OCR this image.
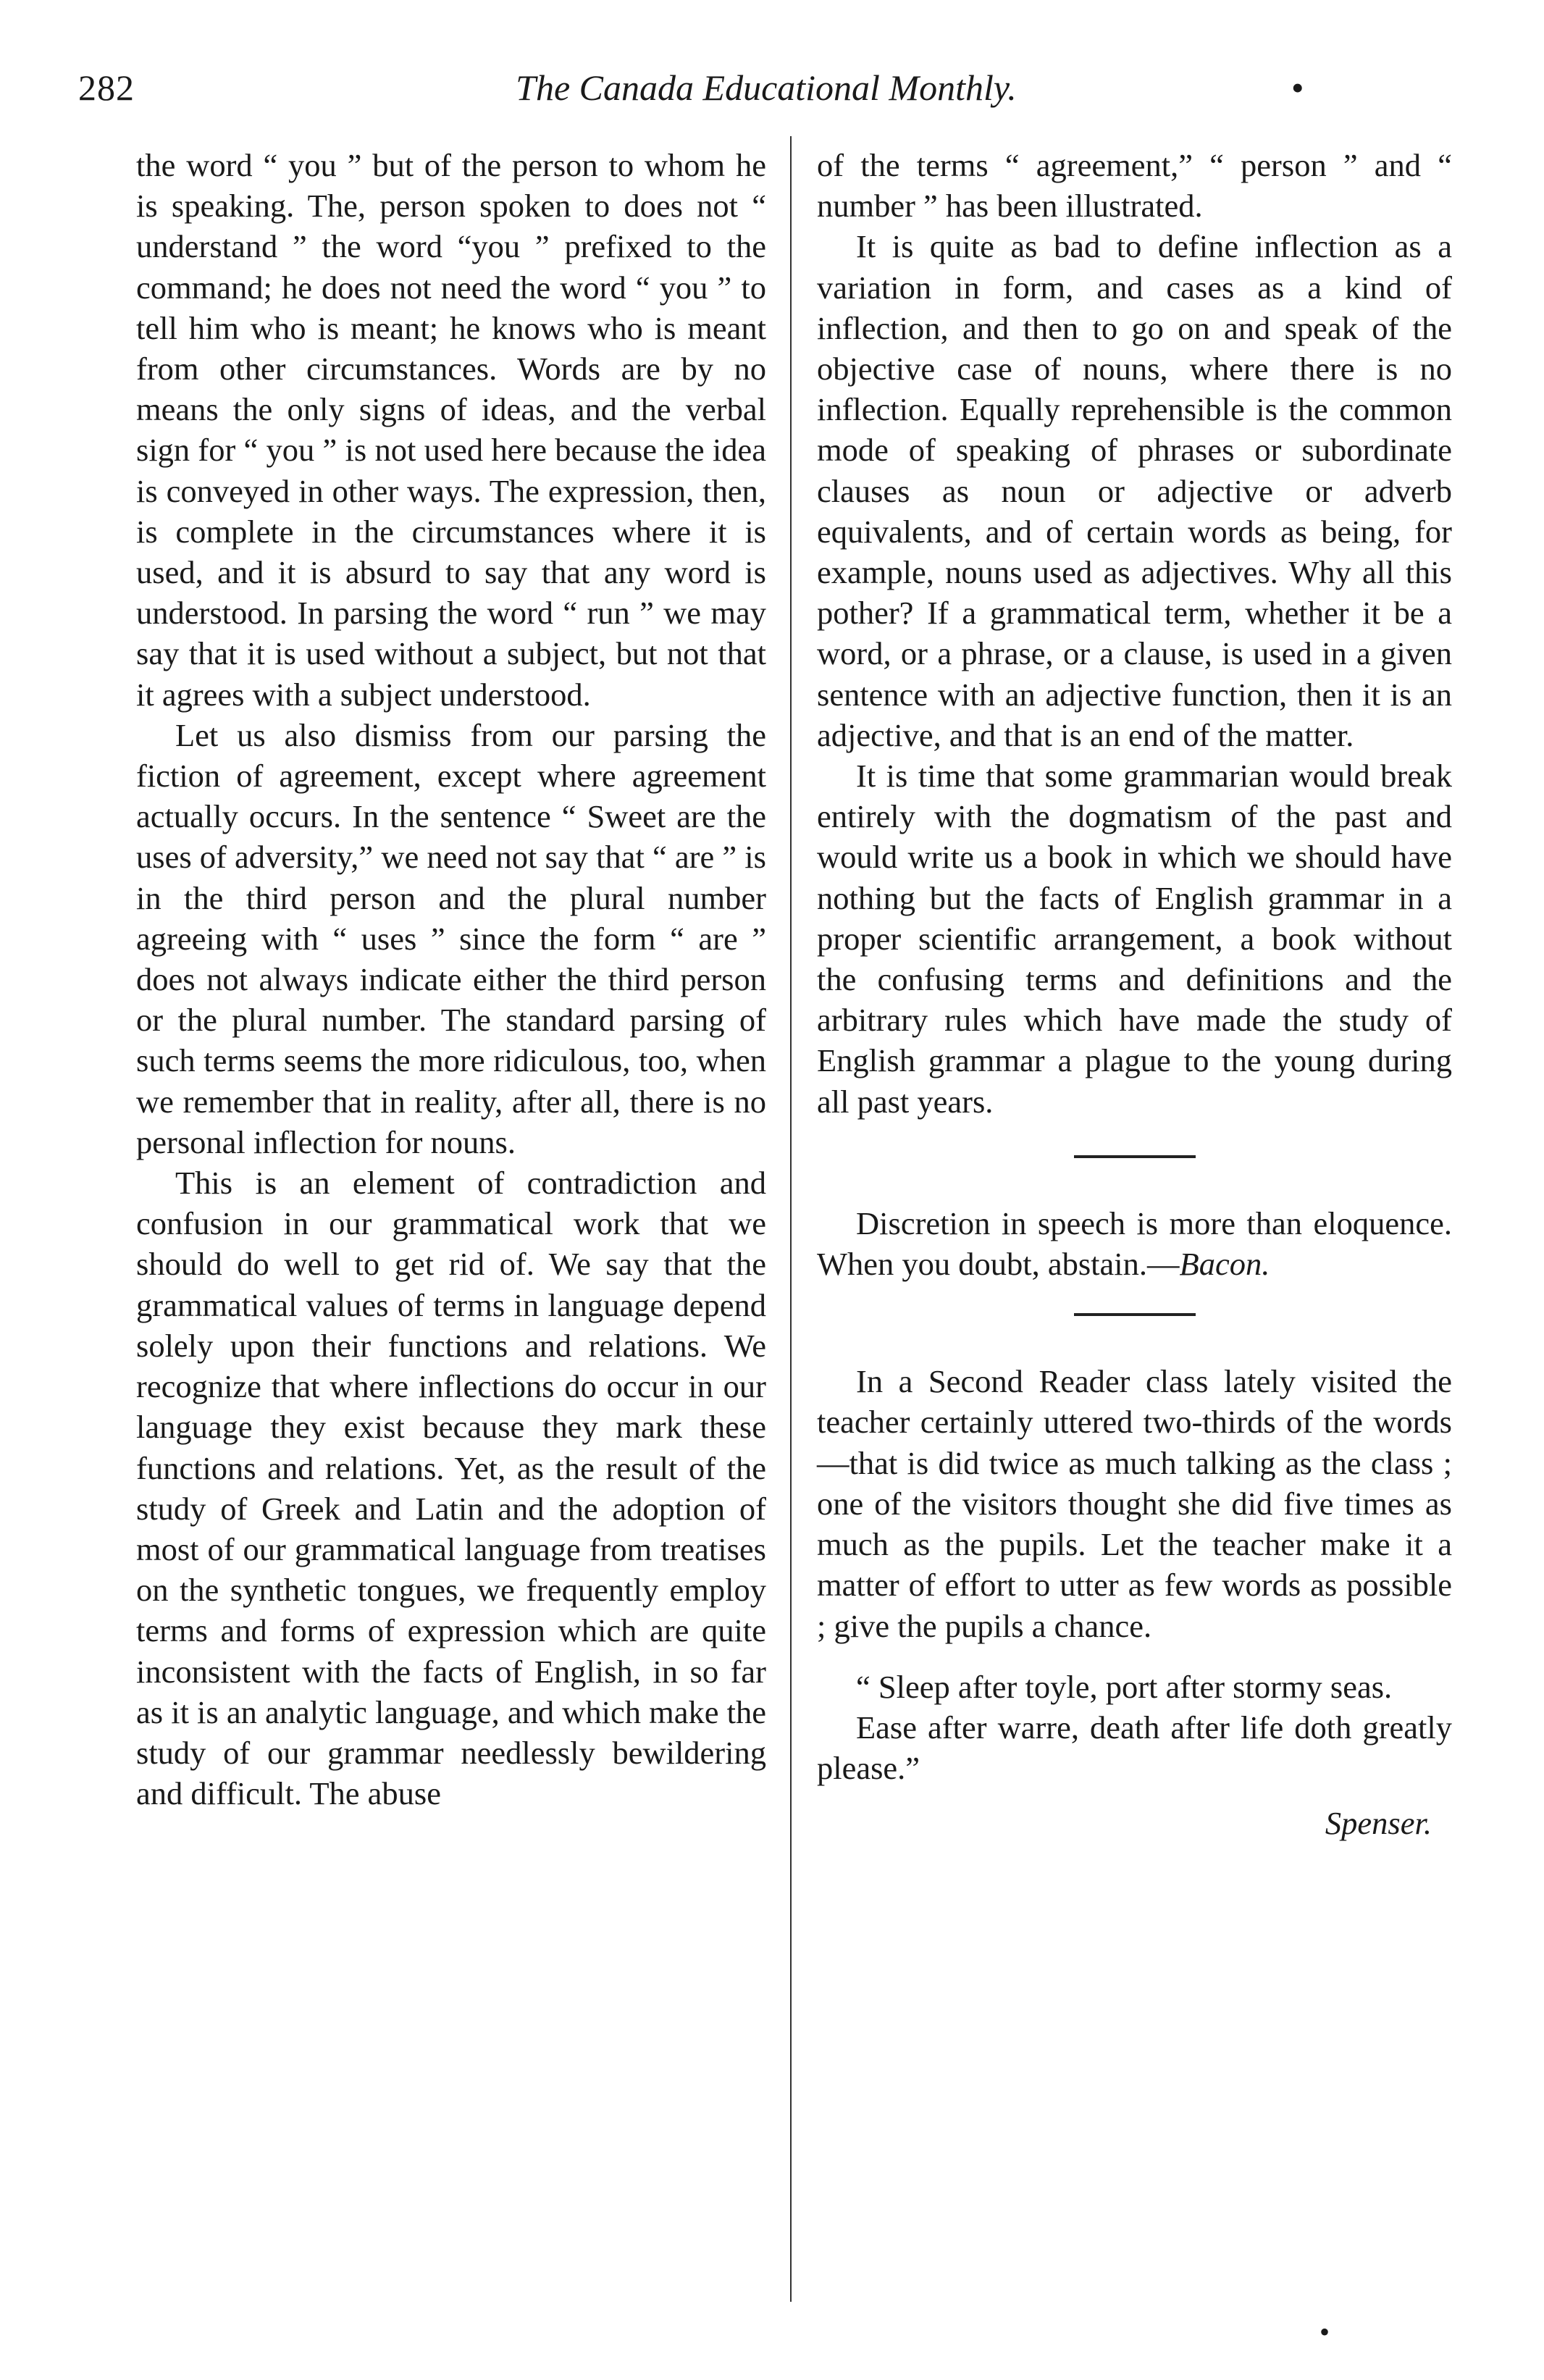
282	The Canada Educational Monthly.	•

the word “ you ” but of the person to whom he is speaking. The, person spoken to does not “ understand ” the word “you ” prefixed to the command; he does not need the word “ you ” to tell him who is meant; he knows who is meant from other circumstances. Words are by no means the only signs of ideas, and the verbal sign for “ you ” is not used here because the idea is conveyed in other ways. The expression, then, is complete in the circumstances where it is used, and it is absurd to say that any word is understood. In parsing the word “ run ” we may say that it is used without a subject, but not that it agrees with a subject understood.

Let us also dismiss from our parsing the fiction of agreement, except where agreement actually occurs. In the sentence “ Sweet are the uses of adversity,” we need not say that “ are ” is in the third person and the plural number agreeing with “ uses ” since the form “ are ” does not always indicate either the third person or the plural number. The standard parsing of such terms seems the more ridiculous, too, when we remember that in reality, after all, there is no personal inflection for nouns.

This is an element of contradiction and confusion in our grammatical work that we should do well to get rid of. We say that the grammatical values of terms in language depend solely upon their functions and relations. We recognize that where inflections do occur in our language they exist because they mark these functions and relations. Yet, as the result of the study of Greek and Latin and the adoption of most of our grammatical language from treatises on the synthetic tongues, we frequently employ terms and forms of expression which are quite inconsistent with the facts of English, in so far as it is an analytic language, and which make the study of our grammar needlessly bewildering and difficult. The abuse

of the terms “ agreement,” “ person ” and “ number ” has been illustrated.

It is quite as bad to define inflection as a variation in form, and cases as a kind of inflection, and then to go on and speak of the objective case of nouns, where there is no inflection. Equally reprehensible is the common mode of speaking of phrases or subordinate clauses as noun or adjective or adverb equivalents, and of certain words as being, for example, nouns used as adjectives. Why all this pother? If a grammatical term, whether it be a word, or a phrase, or a clause, is used in a given sentence with an adjective function, then it is an adjective, and that is an end of the matter.

It is time that some grammarian would break entirely with the dogmatism of the past and would write us a book in which we should have nothing but the facts of English grammar in a proper scientific arrangement, a book without the confusing terms and definitions and the arbitrary rules which have made the study of English grammar a plague to the young during all past years.

Discretion in speech is more than eloquence. When you doubt, abstain.—Bacon.
In a Second Reader class lately visited the teacher certainly uttered two-thirds of the words—that is did twice as much talking as the class ; one of the visitors thought she did five times as much as the pupils. Let the teacher make it a matter of effort to utter as few words as possible ; give the pupils a chance.
“ Sleep after toyle, port after stormy seas.
Ease after warre, death after life doth greatly please.”
Spenser.
•
